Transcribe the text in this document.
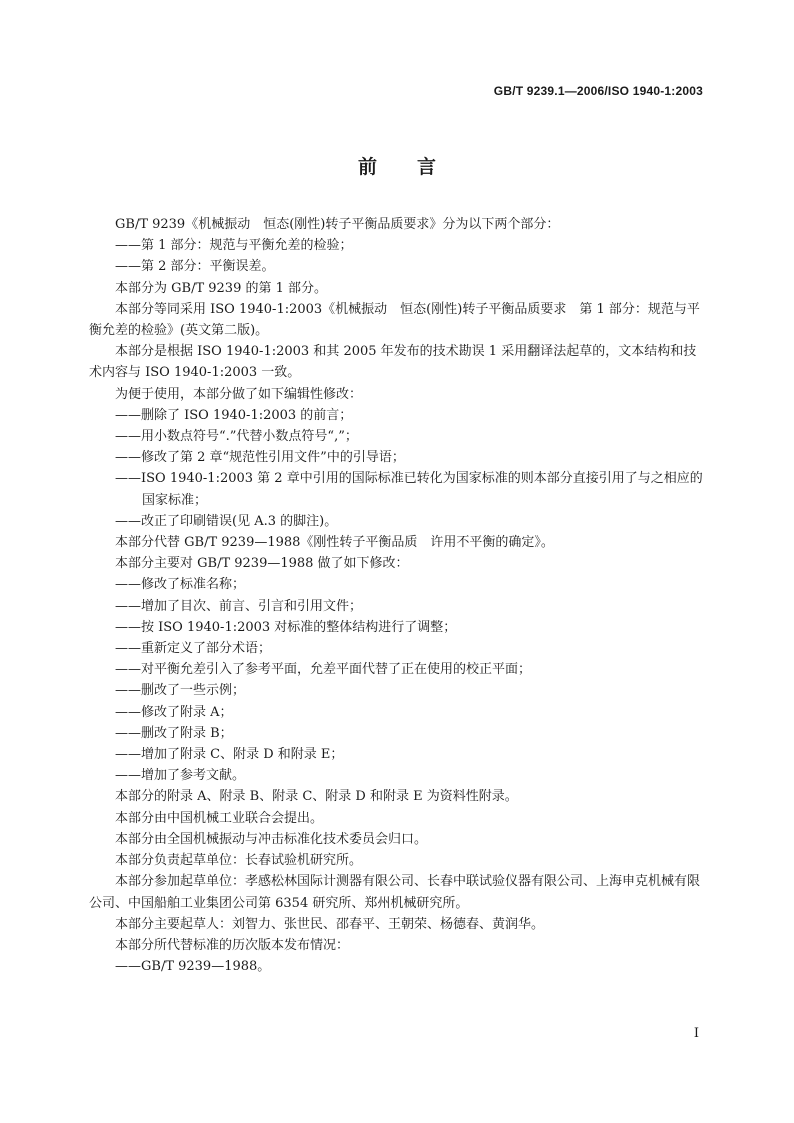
GB/T 9239.1—2006/ISO 1940-1:2003
前 言

GB/T 9239《机械振动　恒态(刚性)转子平衡品质要求》分为以下两个部分：

——第 1 部分：规范与平衡允差的检验；

——第 2 部分：平衡误差。

本部分为 GB/T 9239 的第 1 部分。

本部分等同采用 ISO 1940-1:2003《机械振动　恒态(刚性)转子平衡品质要求　第 1 部分：规范与平衡允差的检验》(英文第二版)。

本部分是根据 ISO 1940-1:2003 和其 2005 年发布的技术勘误 1 采用翻译法起草的，文本结构和技术内容与 ISO 1940-1:2003 一致。

为便于使用，本部分做了如下编辑性修改：

——删除了 ISO 1940-1:2003 的前言；

——用小数点符号“.”代替小数点符号“,”；

——修改了第 2 章“规范性引用文件”中的引导语；

——ISO 1940-1:2003 第 2 章中引用的国际标准已转化为国家标准的则本部分直接引用了与之相应的国家标准；

——改正了印刷错误(见 A.3 的脚注)。

本部分代替 GB/T 9239—1988《刚性转子平衡品质　许用不平衡的确定》。

本部分主要对 GB/T 9239—1988 做了如下修改：

——修改了标准名称；

——增加了目次、前言、引言和引用文件；

——按 ISO 1940-1:2003 对标准的整体结构进行了调整；

——重新定义了部分术语；

——对平衡允差引入了参考平面，允差平面代替了正在使用的校正平面；

——删改了一些示例；

——修改了附录 A；

——删改了附录 B；

——增加了附录 C、附录 D 和附录 E；

——增加了参考文献。

本部分的附录 A、附录 B、附录 C、附录 D 和附录 E 为资料性附录。

本部分由中国机械工业联合会提出。

本部分由全国机械振动与冲击标准化技术委员会归口。

本部分负责起草单位：长春试验机研究所。

本部分参加起草单位：孝感松林国际计测器有限公司、长春中联试验仪器有限公司、上海申克机械有限公司、中国船舶工业集团公司第 6354 研究所、郑州机械研究所。

本部分主要起草人：刘智力、张世民、邵春平、王朝荣、杨德春、黄润华。

本部分所代替标准的历次版本发布情况：

——GB/T 9239—1988。

I
